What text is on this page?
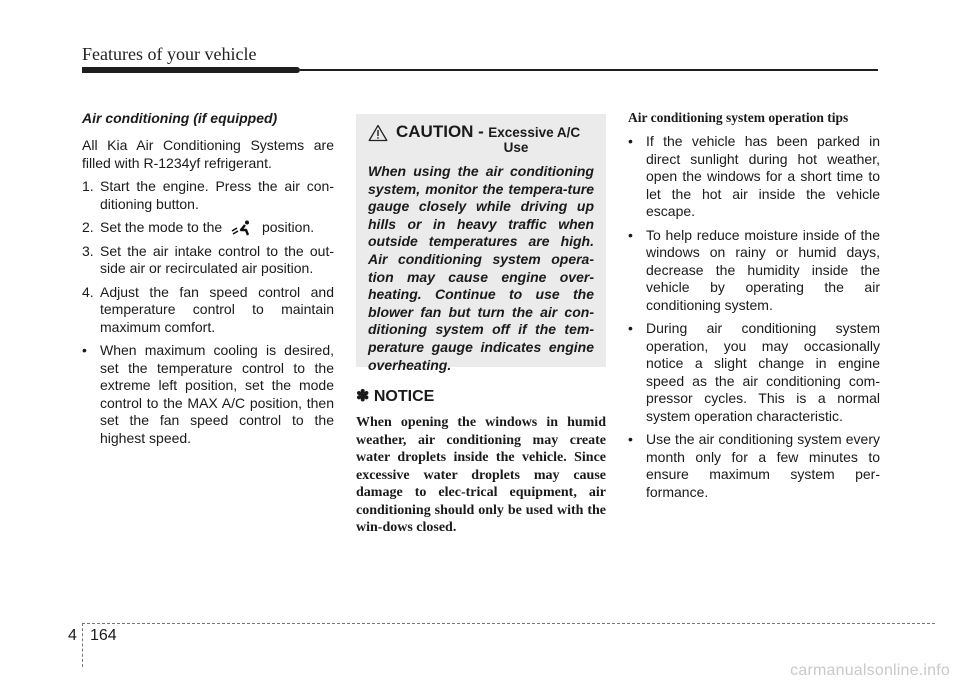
Features of your vehicle
Air conditioning (if equipped)
All Kia Air Conditioning Systems are filled with R-1234yf refrigerant.
1. Start the engine. Press the air con-ditioning button.
2. Set the mode to the	position.
3. Set the air intake control to the out-side air or recirculated air position.
4. Adjust the fan speed control and temperature control to maintain maximum comfort.
• When maximum cooling is desired, set the temperature control to the extreme left position, set the mode control to the MAX A/C position, then set the fan speed control to the highest speed.
CAUTION - Excessive A/C
Use
When using the air conditioning system, monitor the tempera-ture gauge closely while driving up hills or in heavy traffic when outside temperatures are high. Air conditioning system opera-tion may cause engine over-heating. Continue to use the blower fan but turn the air con-ditioning system off if the tem-perature gauge indicates engine overheating.
✽ NOTICE
When opening the windows in humid weather, air conditioning may create water droplets inside the vehicle. Since excessive water droplets may cause damage to elec-trical equipment, air conditioning should only be used with the win-dows closed.
Air conditioning system operation tips
• If the vehicle has been parked in direct sunlight during hot weather, open the windows for a short time to let the hot air inside the vehicle escape.
• To help reduce moisture inside of the windows on rainy or humid days, decrease the humidity inside the vehicle by operating the air conditioning system.
• During air conditioning system operation, you may occasionally notice a slight change in engine speed as the air conditioning com-pressor cycles. This is a normal system operation characteristic.
• Use the air conditioning system every month only for a few minutes to ensure maximum system per-formance.
4 164
carmanualsonline.info
